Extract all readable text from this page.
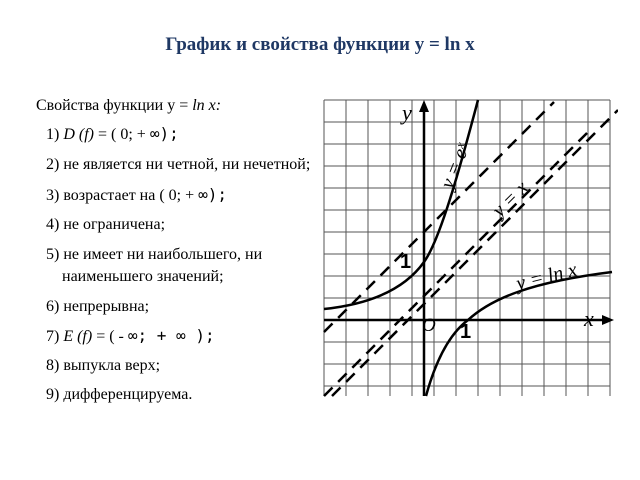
График и свойства функции y = ln x
Свойства функции y = ln x:
1) D (f) = ( 0; + ∞);
2) не является ни четной, ни нечетной;
3) возрастает на ( 0; + ∞);
4) не ограничена;
5) не имеет ни наибольшего, ни наименьшего значений;
6) непрерывна;
7) E (f) = ( - ∞; + ∞ );
8) выпукла верх;
9) дифференцируема.
y
x
O
1
1
y = eˣ
y = x
y = ln x
